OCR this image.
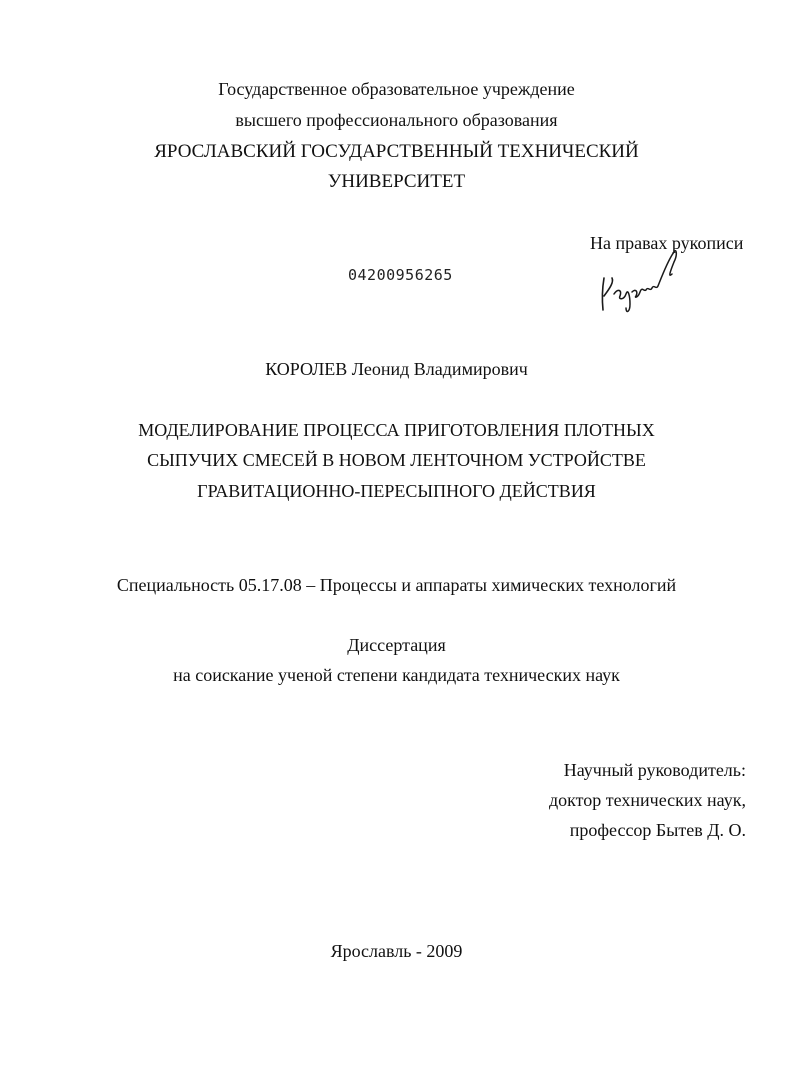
Государственное образовательное учреждение
высшего профессионального образования
ЯРОСЛАВСКИЙ ГОСУДАРСТВЕННЫЙ ТЕХНИЧЕСКИЙ
УНИВЕРСИТЕТ
На правах рукописи
04200956265
КОРОЛЕВ Леонид Владимирович
МОДЕЛИРОВАНИЕ ПРОЦЕССА ПРИГОТОВЛЕНИЯ ПЛОТНЫХ
СЫПУЧИХ СМЕСЕЙ В НОВОМ ЛЕНТОЧНОМ УСТРОЙСТВЕ
ГРАВИТАЦИОННО-ПЕРЕСЫПНОГО ДЕЙСТВИЯ
Специальность 05.17.08 – Процессы и аппараты химических технологий
Диссертация
на соискание ученой степени кандидата технических наук
Научный руководитель:
доктор технических наук,
профессор Бытев Д. О.
Ярославль - 2009
